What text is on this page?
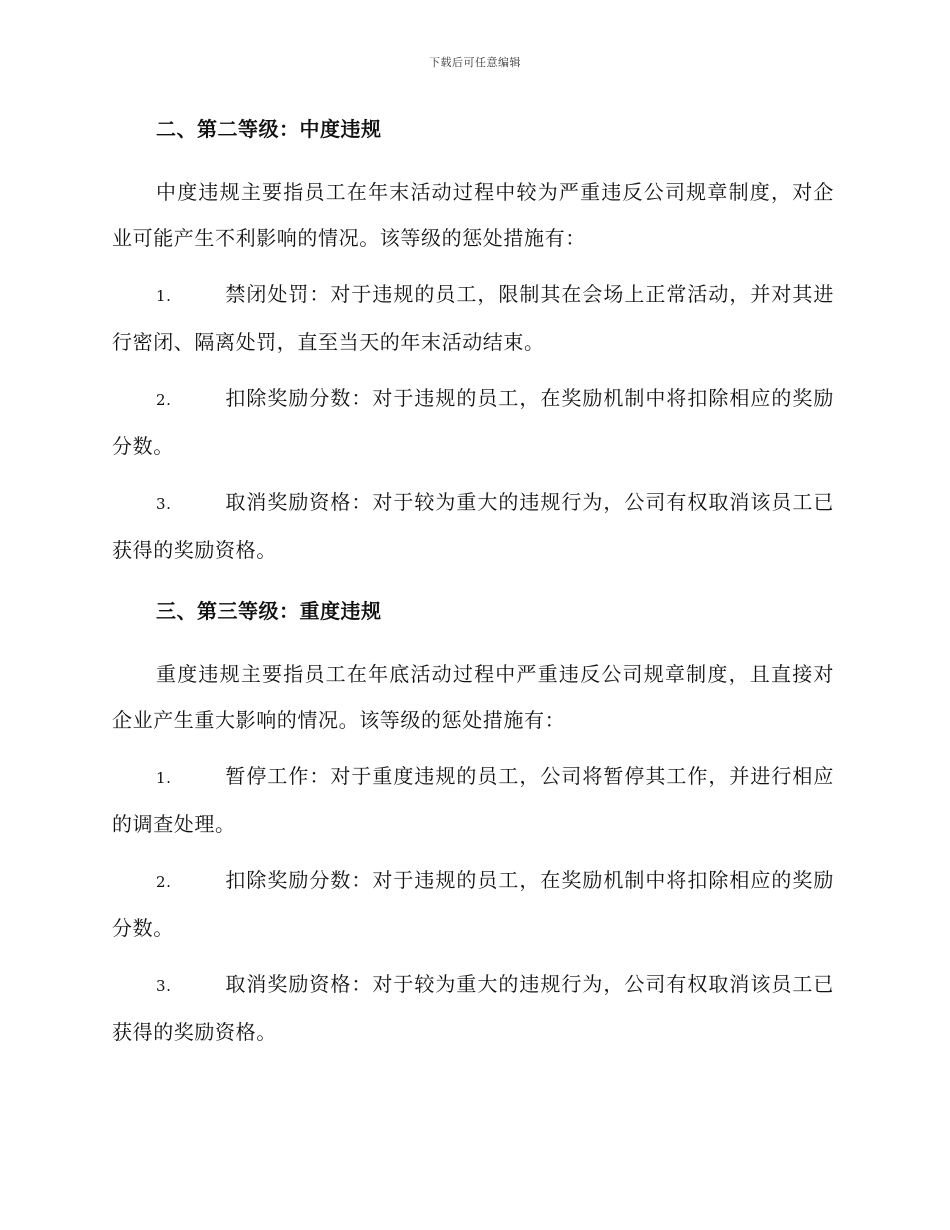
下载后可任意编辑
二、第二等级：中度违规

中度违规主要指员工在年末活动过程中较为严重违反公司规章制度，对企业可能产生不利影响的情况。该等级的惩处措施有：

1.	禁闭处罚：对于违规的员工，限制其在会场上正常活动，并对其进行密闭、隔离处罚，直至当天的年末活动结束。

2.	扣除奖励分数：对于违规的员工，在奖励机制中将扣除相应的奖励分数。

3.	取消奖励资格：对于较为重大的违规行为，公司有权取消该员工已获得的奖励资格。

三、第三等级：重度违规

重度违规主要指员工在年底活动过程中严重违反公司规章制度，且直接对企业产生重大影响的情况。该等级的惩处措施有：

1.	暂停工作：对于重度违规的员工，公司将暂停其工作，并进行相应的调查处理。

2.	扣除奖励分数：对于违规的员工，在奖励机制中将扣除相应的奖励分数。

3.	取消奖励资格：对于较为重大的违规行为，公司有权取消该员工已获得的奖励资格。
